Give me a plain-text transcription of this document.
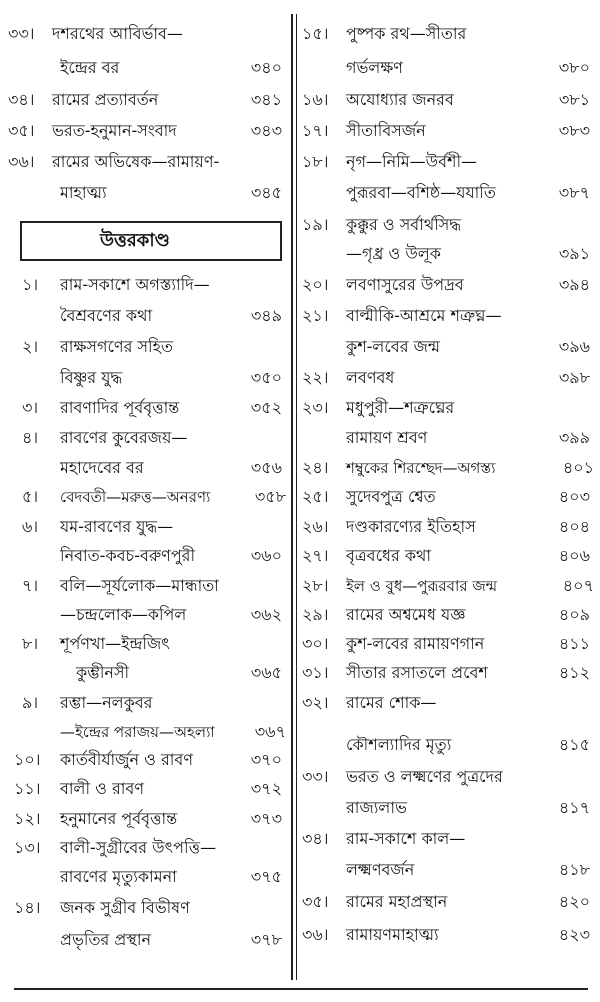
৩৩।	দশরথের আবির্ভাব—
ইন্দ্রের বর	৩৪০
৩৪।	রামের প্রত্যাবর্তন	৩৪১
৩৫।	ভরত-হনুমান-সংবাদ	৩৪৩
৩৬।	রামের অভিষেক—রামায়ণ-
মাহাত্ম্য	৩৪৫
উত্তরকাণ্ড
১।	রাম-সকাশে অগস্ত্যাদি—
বৈশ্রবণের কথা	৩৪৯
২।	রাক্ষসগণের সহিত
বিষ্ণুর যুদ্ধ	৩৫০
৩।	রাবণাদির পূর্ববৃত্তান্ত	৩৫২
৪।	রাবণের কুবেরজয়—
মহাদেবের বর	৩৫৬
৫।	বেদবতী—মরুত্ত—অনরণ্য	৩৫৮
৬।	যম-রাবণের যুদ্ধ—
নিবাত-কবচ-বরুণপুরী	৩৬০
৭।	বলি—সূর্যলোক—মান্ধাতা
—চন্দ্রলোক—কপিল	৩৬২
৮।	শূর্পণখা—ইন্দ্রজিৎ
কুম্ভীনসী	৩৬৫
৯।	রম্ভা—নলকুবর
—ইন্দ্রের পরাজয়—অহল্যা	৩৬৭
১০।	কার্তবীর্যার্জুন ও রাবণ	৩৭০
১১।	বালী ও রাবণ	৩৭২
১২।	হনুমানের পূর্ববৃত্তান্ত	৩৭৩
১৩।	বালী-সুগ্রীবের উৎপত্তি—
রাবণের মৃত্যুকামনা	৩৭৫
১৪।	জনক সুগ্রীব বিভীষণ
প্রভৃতির প্রস্থান	৩৭৮
১৫।	পুষ্পক রথ—সীতার
গর্ভলক্ষণ	৩৮০
১৬।	অযোধ্যার জনরব	৩৮১
১৭।	সীতাবিসর্জন	৩৮৩
১৮।	নৃগ—নিমি—উর্বশী—
পুরূরবা—বশিষ্ঠ—যযাতি	৩৮৭
১৯।	কুক্কুর ও সর্বার্থসিদ্ধ
—গৃধ্র ও উলূক	৩৯১
২০।	লবণাসুরের উপদ্রব	৩৯৪
২১।	বাল্মীকি-আশ্রমে শত্রুঘ্ন—
কুশ-লবের জন্ম	৩৯৬
২২।	লবণবধ	৩৯৮
২৩।	মধুপুরী—শত্রুঘ্নের
রামায়ণ শ্রবণ	৩৯৯
২৪।	শম্বুকের শিরশ্ছেদ—অগস্ত্য	৪০১
২৫।	সুদেবপুত্র শ্বেত	৪০৩
২৬।	দণ্ডকারণ্যের ইতিহাস	৪০৪
২৭।	বৃত্রবধের কথা	৪০৬
২৮।	ইল ও বুধ—পুরূরবার জন্ম	৪০৭
২৯।	রামের অশ্বমেধ যজ্ঞ	৪০৯
৩০।	কুশ-লবের রামায়ণগান	৪১১
৩১।	সীতার রসাতলে প্রবেশ	৪১২
৩২।	রামের শোক—
কৌশল্যাদির মৃত্যু	৪১৫
৩৩।	ভরত ও লক্ষ্মণের পুত্রদের
রাজ্যলাভ	৪১৭
৩৪।	রাম-সকাশে কাল—
লক্ষ্মণবর্জন	৪১৮
৩৫।	রামের মহাপ্রস্থান	৪২০
৩৬।	রামায়ণমাহাত্ম্য	৪২৩
